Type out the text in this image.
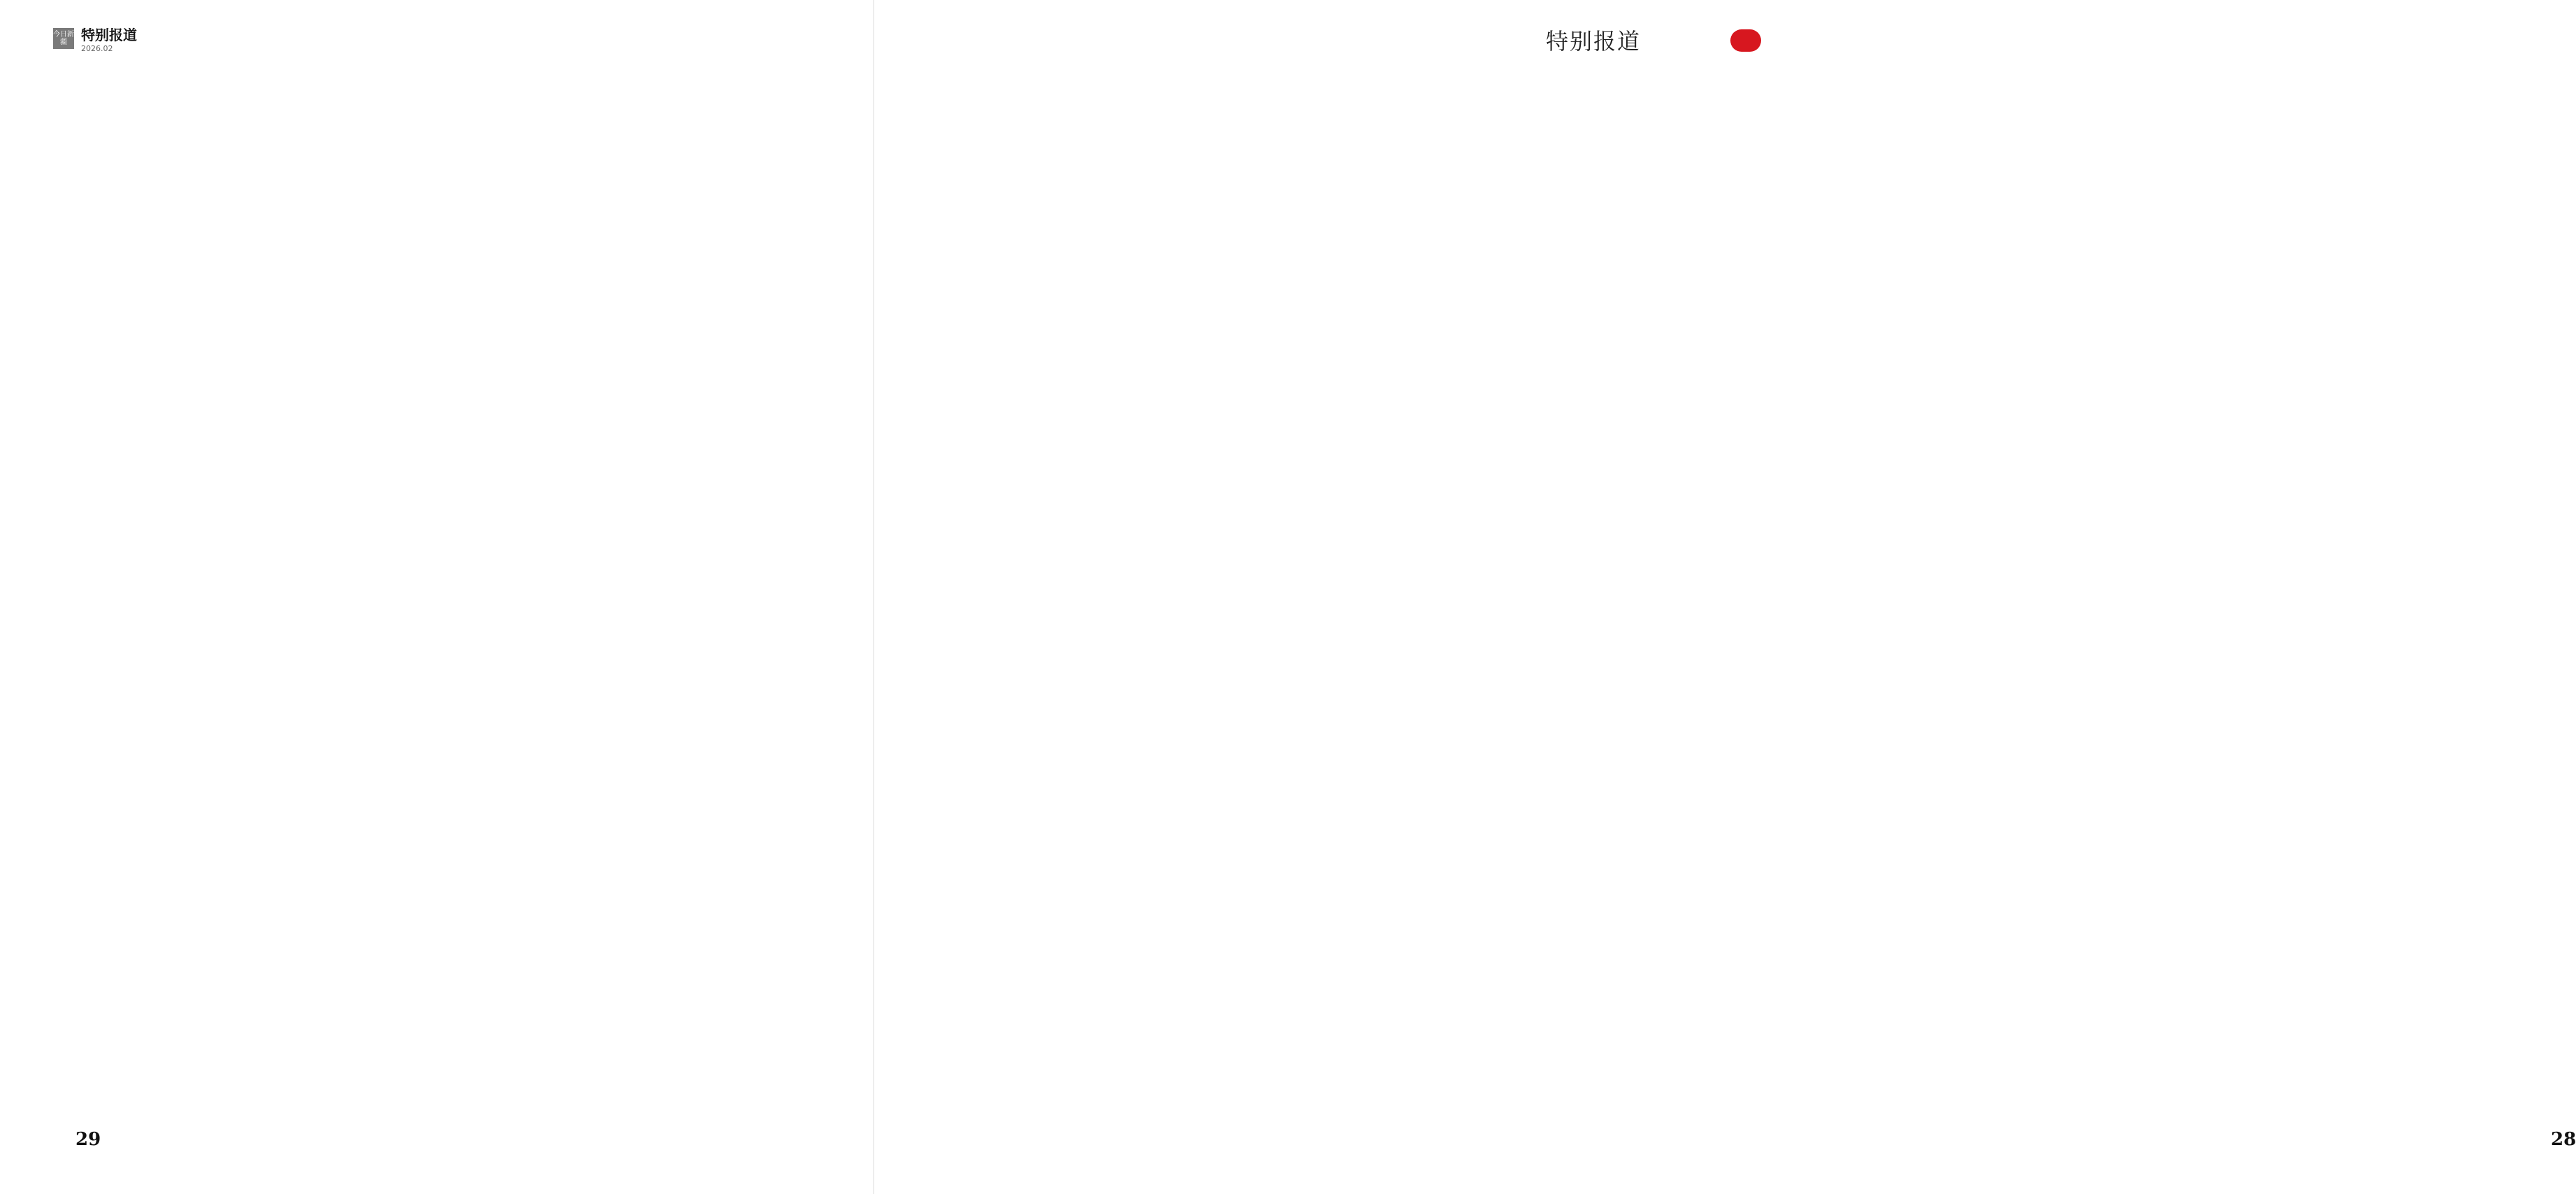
今日新疆	特别报道
2026.02

29
特别报道

28
